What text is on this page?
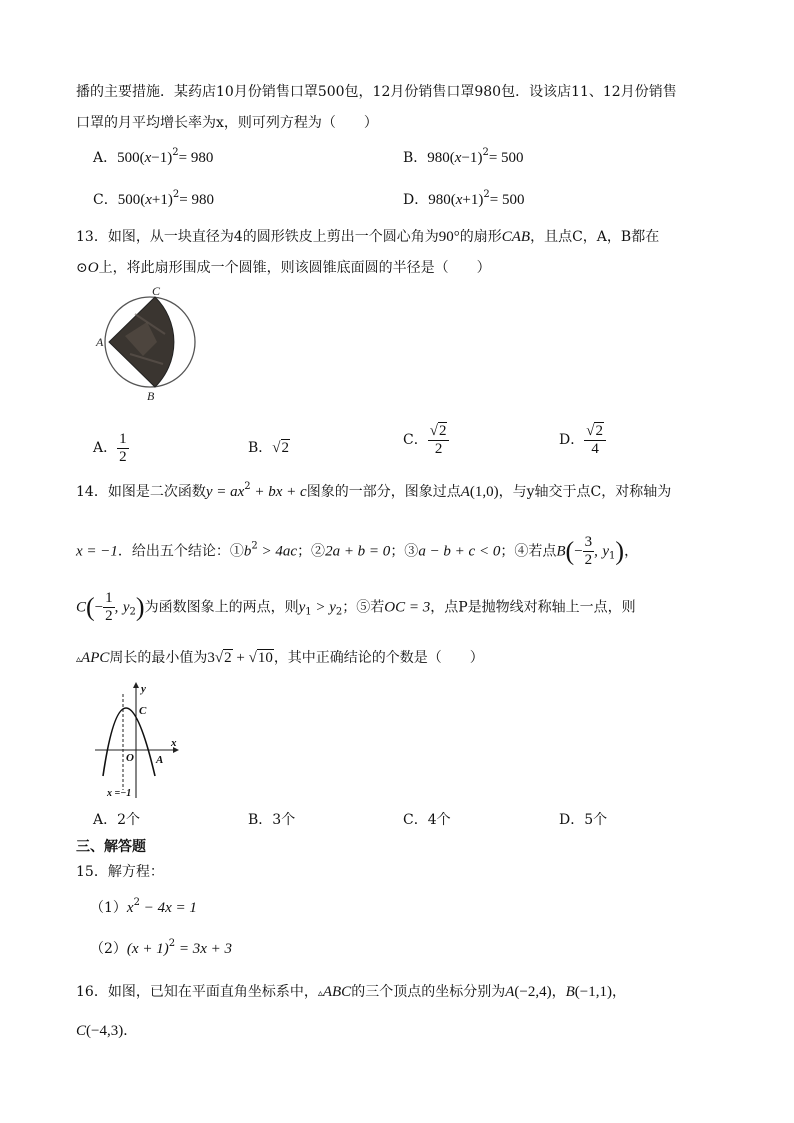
播的主要措施．某药店10月份销售口罩500包，12月份销售口罩980包．设该店11、12月份销售
口罩的月平均增长率为x，则可列方程为（　　）
A．$500(x-1)^2= 980$	B．$980(x-1)^2= 500$
C．$500(x+1)^2= 980$	D．$980(x+1)^2= 500$
13．如图，从一块直径为4的圆形铁皮上剪出一个圆心角为90°的扇形CAB，且点C，A，B都在
⊙O上，将此扇形围成一个圆锥，则该圆锥底面圆的半径是（　　）
C
A
B
A． $\frac{1}{2}$	B．√2	C． $\frac{√2}{2}$	D． $\frac{√2}{4}$
14．如图是二次函数$y = ax^2$ + bx + c图象的一部分，图象过点A(1,0)，与y轴交于点C，对称轴为
x = −1．给出五个结论：$①b^2 > 4ac$；②2a + b = 0；③a − b + c < 0；④若点$B(- \frac{3}{2}$ , $y_1$)，
$C(- \frac{1}{2}$ , $y_2$)为函数图象上的两点，则$y_1 > y_2$；⑤若OC = 3，点P是抛物线对称轴上一点，则
▵APC周长的最小值为3√2 + √10，其中正确结论的个数是（　　）
y
x
C
O A
x =−1
A．2个	B．3个	C．4个	D．5个
三、解答题
15．解方程：
$(1)x^2 - 4x = 1$
$(2)(x + 1)^2 = 3x + 3$
16．如图，已知在平面直角坐标系中，▵ABC的三个顶点的坐标分别为A(−2,4)，B(−1,1)，
C(−4,3)．
